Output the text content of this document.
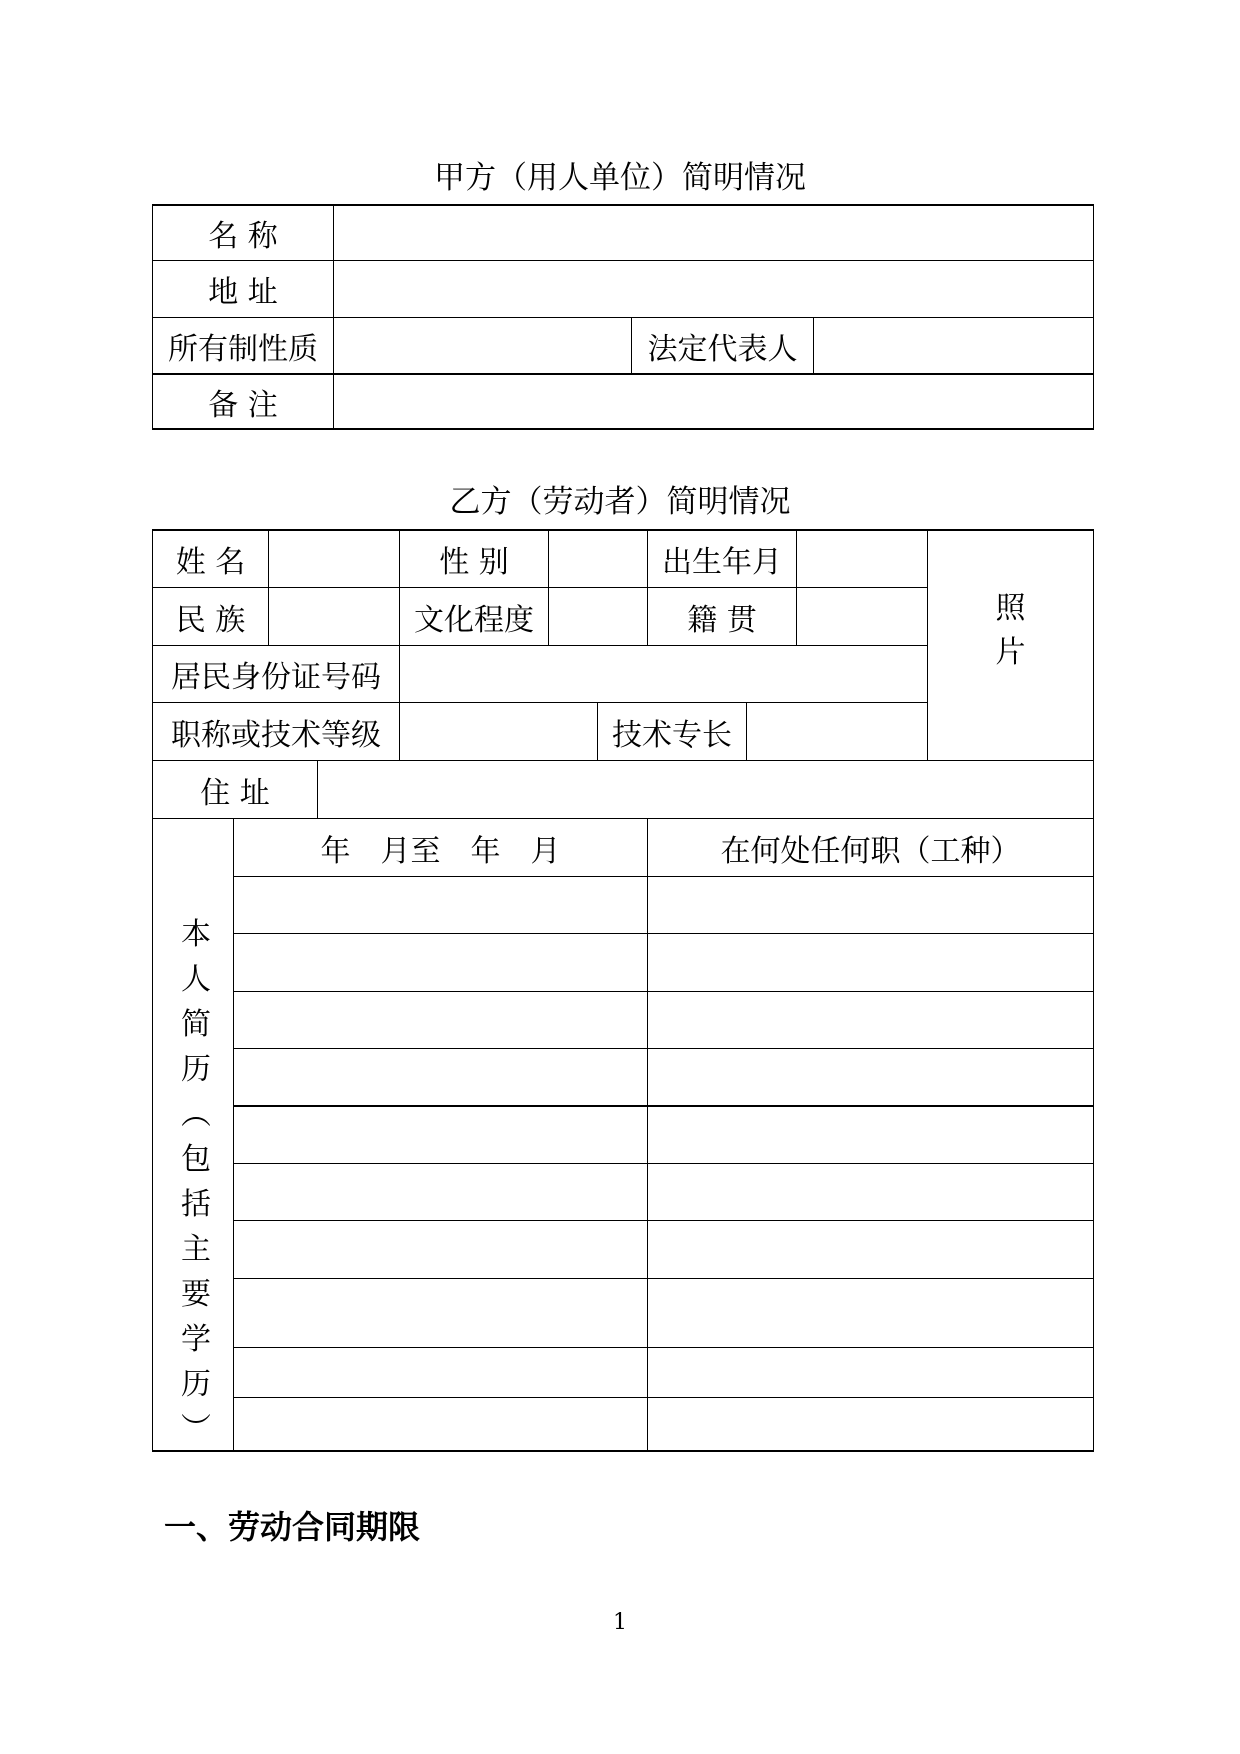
甲方（用人单位）简明情况
名 称
地 址
所有制性质	法定代表人
备 注
乙方（劳动者）简明情况
姓 名	性 别	出生年月
民 族	文化程度	籍 贯	照
片
居民身份证号码
职称或技术等级	技术专长
住 址
年　月至　年　月	在何处任何职（工种）
本
人
简
历
︵
包
括
主
要
学
历
︶
一、劳动合同期限
1
